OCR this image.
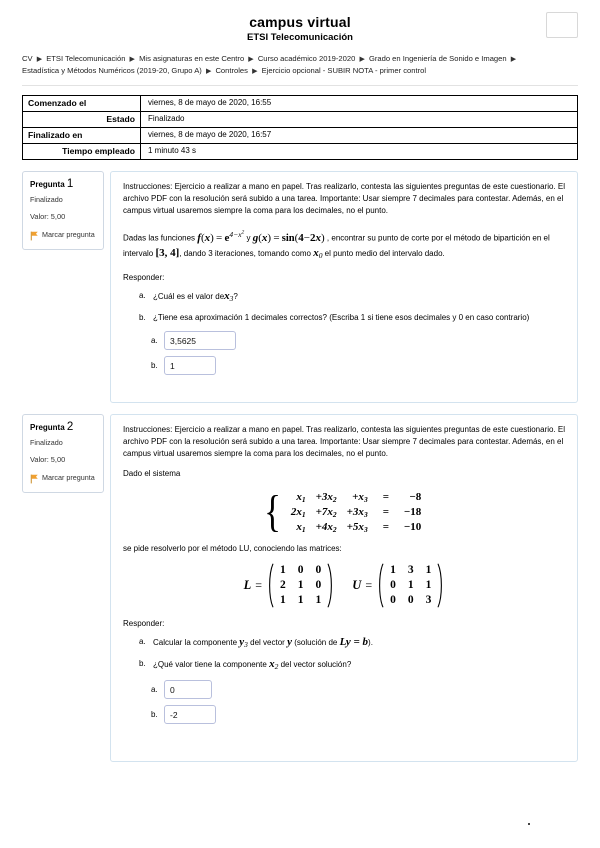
campus virtual
ETSI Telecomunicación
CV ▶ ETSI Telecomunicación ▶ Mis asignaturas en este Centro ▶ Curso académico 2019-2020 ▶ Grado en Ingeniería de Sonido e Imagen ▶ Estadística y Métodos Numéricos (2019-20, Grupo A) ▶ Controles ▶ Ejercicio opcional - SUBIR NOTA - primer control
Comenzado el	viernes, 8 de mayo de 2020, 16:55
Estado	Finalizado
Finalizado en	viernes, 8 de mayo de 2020, 16:57
Tiempo empleado	1 minuto 43 s
Pregunta 1
Finalizado
Valor: 5,00
Marcar pregunta

Instrucciones: Ejercicio a realizar a mano en papel. Tras realizarlo, contesta las siguientes preguntas de este cuestionario. El archivo PDF con la resolución será subido a una tarea. Importante: Usar siempre 7 decimales para contestar. Además, en el campus virtual usaremos siempre la coma para los decimales, no el punto.

Dadas las funciones $f(x) = e^{4-x^2}$ y g(x) = sin(4−2x) , encontrar su punto de corte por el método de bipartición en el intervalo [3, 4], dando 3 iteraciones, tomando como $x_0$ el punto medio del intervalo dado.

Responder:

a. ¿Cuál es el valor dex$_3$?
b. ¿Tiene esa aproximación 1 decimales correctos? (Escriba 1 si tiene esos decimales y 0 en caso contrario)
a.	3,5625
b.	1
Pregunta 2
Finalizado
Valor: 5,00
Marcar pregunta

Instrucciones: Ejercicio a realizar a mano en papel. Tras realizarlo, contesta las siguientes preguntas de este cuestionario. El archivo PDF con la resolución será subido a una tarea. Importante: Usar siempre 7 decimales para contestar. Además, en el campus virtual usaremos siempre la coma para los decimales, no el punto.

Dado el sistema

{ $x_1$	$+3x_2$	$+x_3$	=	−8
$2x_1$	$+7x_2$	$+3x_3$	=	−18
$x_1$	$+4x_2$	$+5x_3$	=	−10

se pide resolverlo por el método LU, conociendo las matrices:

L =
1	0	0
2	1	0
1	1	1
U =
1	3	1
0	1	1
0	0	3

Responder:

a. Calcular la componente $y_3$ del vector y (solución de Ly = b).
b. ¿Qué valor tiene la componente $x_2$ del vector solución?
a.	0
b.	-2
